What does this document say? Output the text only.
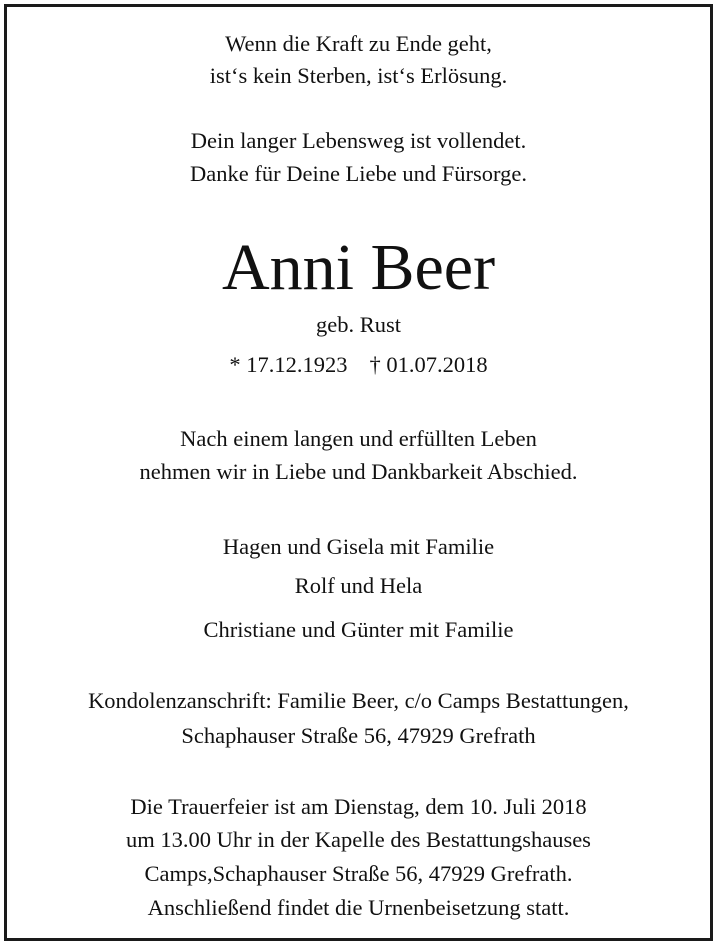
Wenn die Kraft zu Ende geht,

ist‘s kein Sterben, ist‘s Erlösung.

Dein langer Lebensweg ist vollendet.

Danke für Deine Liebe und Fürsorge.

Anni Beer

geb. Rust

* 17.12.1923 † 01.07.2018

Nach einem langen und erfüllten Leben

nehmen wir in Liebe und Dankbarkeit Abschied.

Hagen und Gisela mit Familie

Rolf und Hela

Christiane und Günter mit Familie

Kondolenzanschrift: Familie Beer, c/o Camps Bestattungen,

Schaphauser Straße 56, 47929 Grefrath

Die Trauerfeier ist am Dienstag, dem 10. Juli 2018

um 13.00 Uhr in der Kapelle des Bestattungshauses

Camps,Schaphauser Straße 56, 47929 Grefrath.

Anschließend findet die Urnenbeisetzung statt.
